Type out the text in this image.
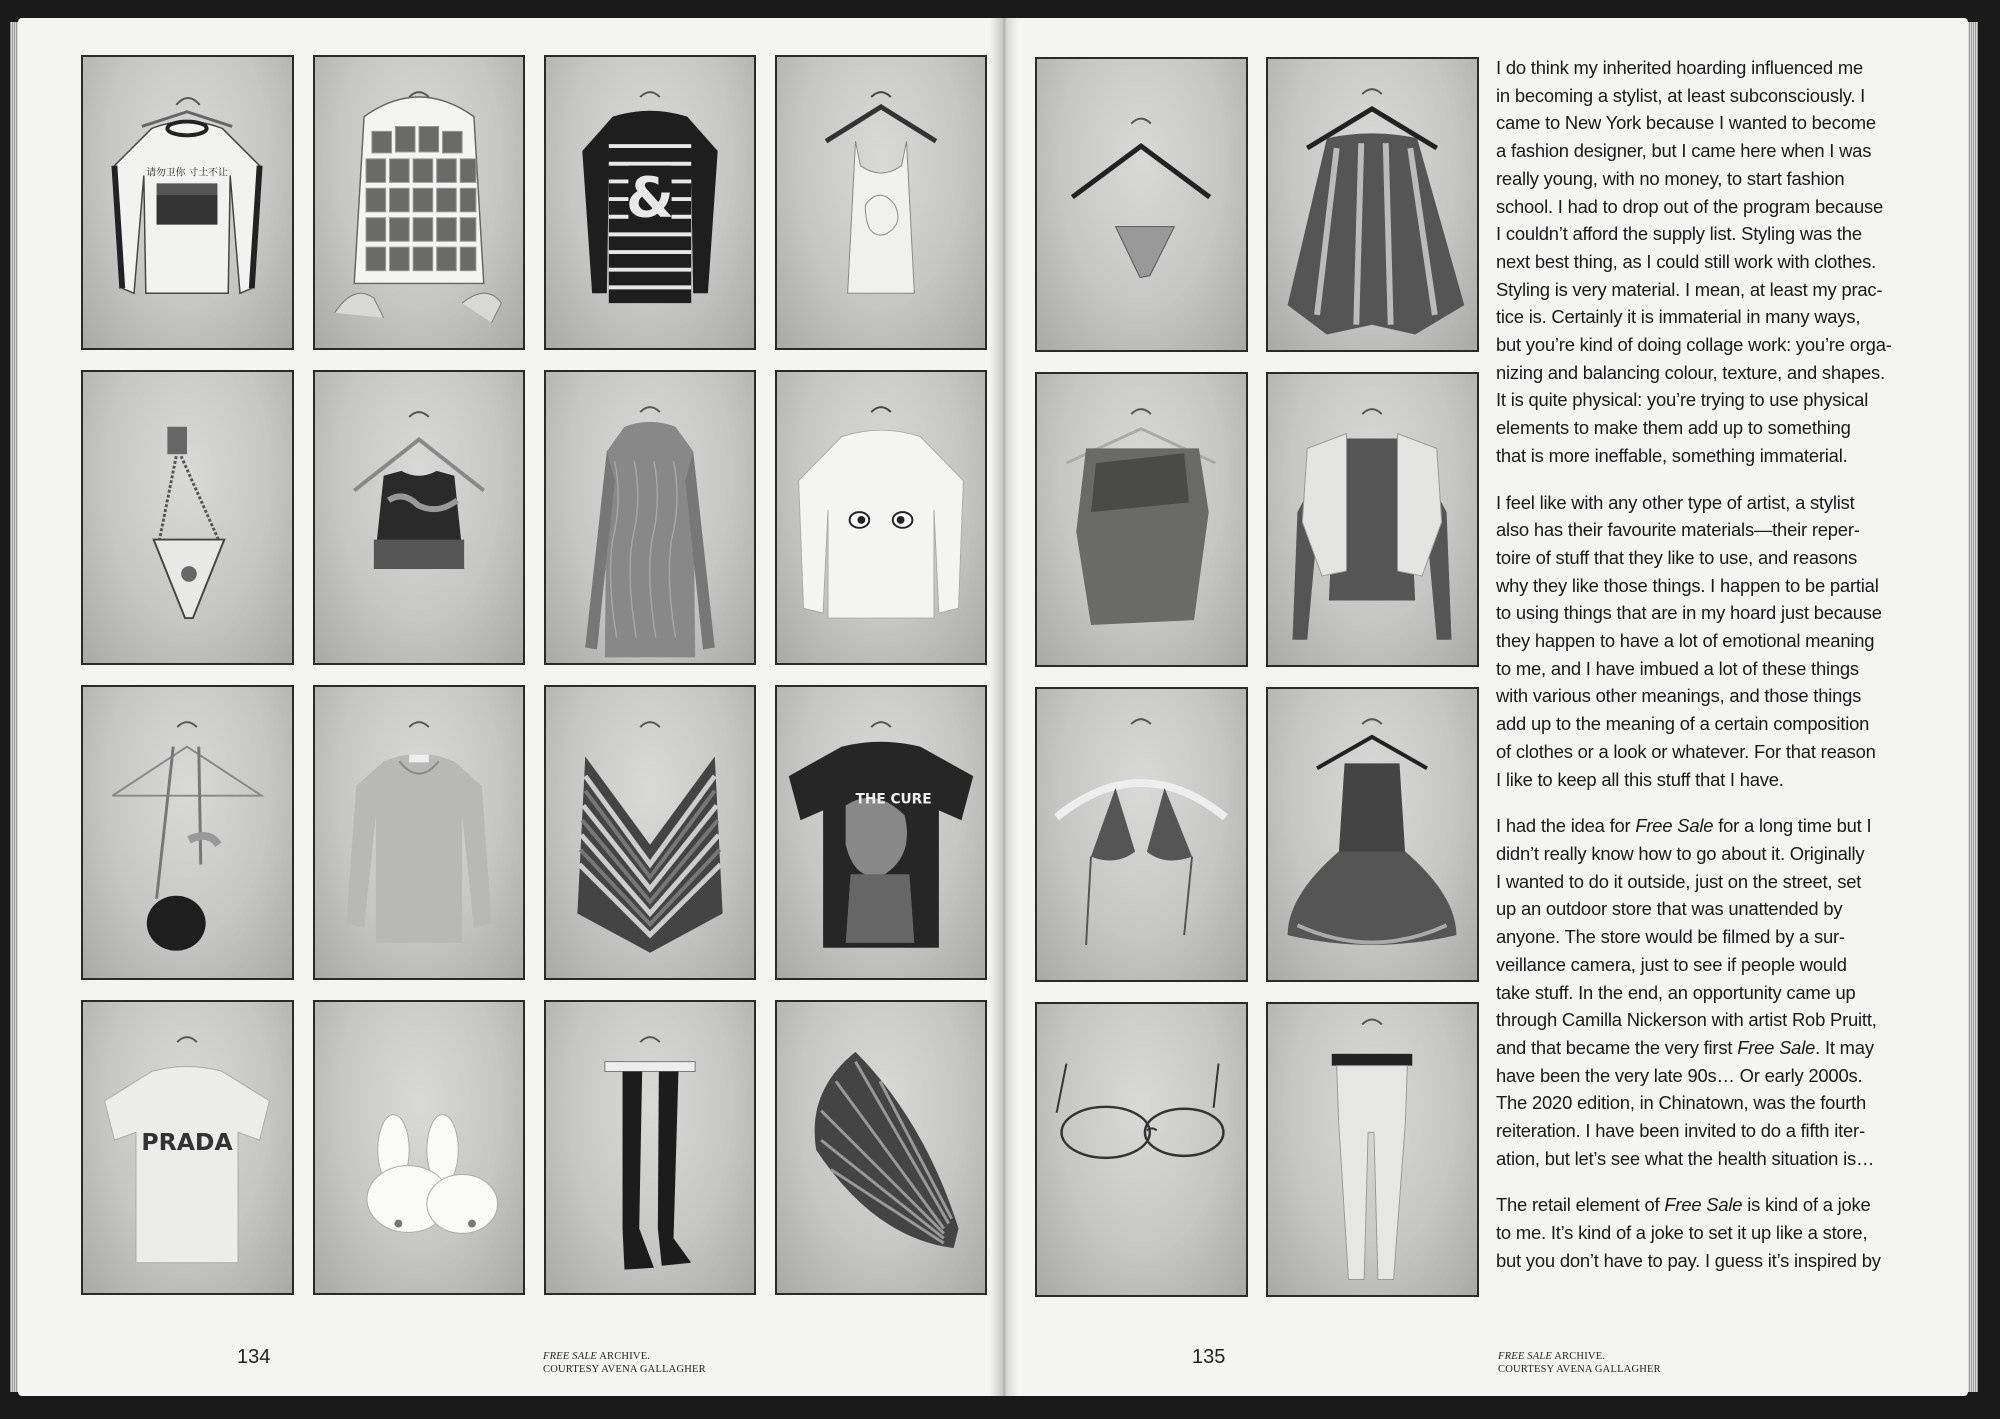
请勿卫你 寸土不让	&
THE CURE
PRADA
134	FREE SALE ARCHIVE.
COURTESY AVENA GALLAGHER

I do think my inherited hoarding influenced me
in becoming a stylist, at least subconsciously. I
came to New York because I wanted to become
a fashion designer, but I came here when I was
really young, with no money, to start fashion
school. I had to drop out of the program because
I couldn’t afford the supply list. Styling was the
next best thing, as I could still work with clothes.
Styling is very material. I mean, at least my prac-
tice is. Certainly it is immaterial in many ways,
but you’re kind of doing collage work: you’re orga-
nizing and balancing colour, texture, and shapes.
It is quite physical: you’re trying to use physical
elements to make them add up to something
that is more ineffable, something immaterial.

I feel like with any other type of artist, a stylist
also has their favourite materials—their reper-
toire of stuff that they like to use, and reasons
why they like those things. I happen to be partial
to using things that are in my hoard just because
they happen to have a lot of emotional meaning
to me, and I have imbued a lot of these things
with various other meanings, and those things
add up to the meaning of a certain composition
of clothes or a look or whatever. For that reason
I like to keep all this stuff that I have.

I had the idea for Free Sale for a long time but I
didn’t really know how to go about it. Originally
I wanted to do it outside, just on the street, set
up an outdoor store that was unattended by
anyone. The store would be filmed by a sur-
veillance camera, just to see if people would
take stuff. In the end, an opportunity came up
through Camilla Nickerson with artist Rob Pruitt,
and that became the very first Free Sale. It may
have been the very late 90s… Or early 2000s.
The 2020 edition, in Chinatown, was the fourth
reiteration. I have been invited to do a fifth iter-
ation, but let’s see what the health situation is…

The retail element of Free Sale is kind of a joke
to me. It’s kind of a joke to set it up like a store,
but you don’t have to pay. I guess it’s inspired by

135	FREE SALE ARCHIVE.
COURTESY AVENA GALLAGHER
